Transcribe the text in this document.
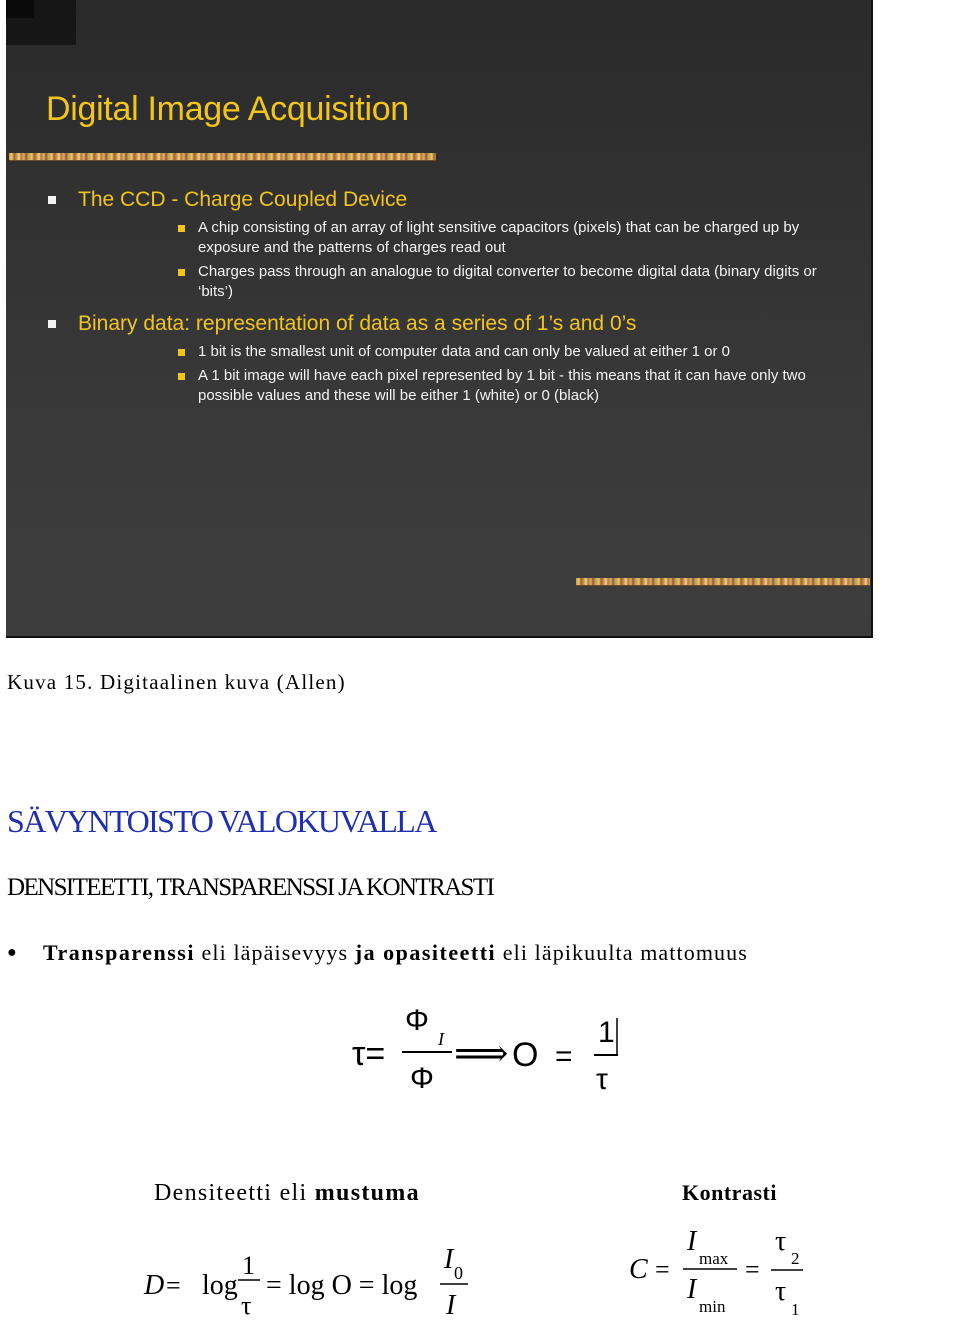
Digital Image Acquisition
The CCD - Charge Coupled Device
A chip consisting of an array of light sensitive capacitors (pixels) that can be charged up by exposure and the patterns of charges read out
Charges pass through an analogue to digital converter to become digital data (binary digits or ‘bits’)
Binary data: representation of data as a series of 1’s and 0’s
1 bit is the smallest unit of computer data and can only be valued at either 1 or 0
A 1 bit image will have each pixel represented by 1 bit - this means that it can have only two possible values and these will be either 1 (white) or 0 (black)
Kuva 15. Digitaalinen kuva (Allen)
SÄVYNTOISTO VALOKUVALLA
DENSITEETTI, TRANSPARENSSI JA KONTRASTI
● Transparenssi eli läpäisevyys ja opasiteetti eli läpikuulta mattomuus
τ=
Φ
I
Φ
⟹ O =
1
τ
Densiteetti eli mustuma	Kontrasti
D = log
1
τ
= log O = log
I 0
I
C =
I
max
I
min
=
τ
2
τ
1
